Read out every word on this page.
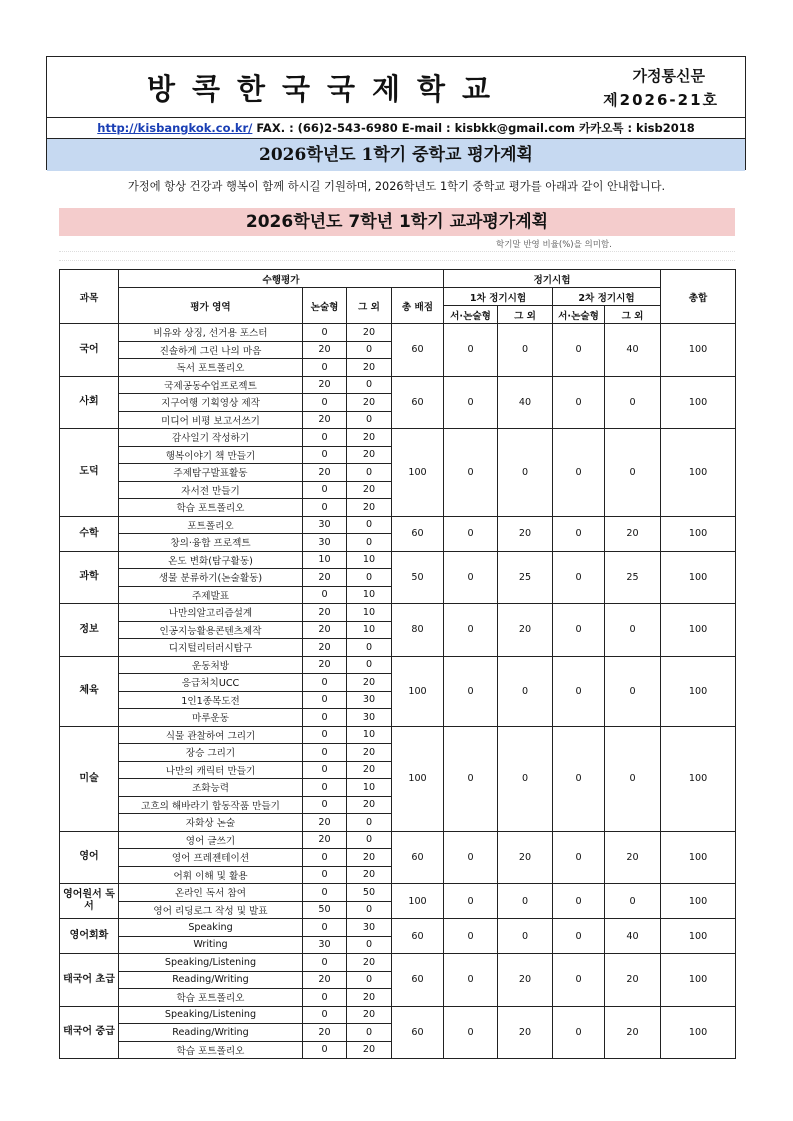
방콕한국국제학교	가정통신문
제2026-21호
http://kisbangkok.co.kr/ FAX. : (66)2-543-6980 E-mail : kisbkk@gmail.com 카카오톡 : kisb2018
2026학년도 1학기 중학교 평가계획
가정에 항상 건강과 행복이 함께 하시길 기원하며, 2026학년도 1학기 중학교 평가를 아래과 같이 안내합니다.
2026학년도 7학년 1학기 교과평가계획
학기말 반영 비율(%)을 의미함.
과목	수행평가				정기시험				총합
	평가 영역	논술형	그 외	총 배점	1차 정기시험		2차 정기시험		
					서·논술형	그 외	서·논술형	그 외	
국어	비유와 상징, 선거용 포스터	0	20	60	0	0	0	40	100
	진솔하게 그린 나의 마음	20	0						
	독서 포트폴리오	0	20						
사회	국제공동수업프로젝트	20	0	60	0	40	0	0	100
	지구여행 기획영상 제작	0	20						
	미디어 비평 보고서쓰기	20	0						
도덕	감사일기 작성하기	0	20	100	0	0	0	0	100
	행복이야기 책 만들기	0	20						
	주제탐구발표활동	20	0						
	자서전 만들기	0	20						
	학습 포트폴리오	0	20						
수학	포트폴리오	30	0	60	0	20	0	20	100
	창의·융합 프로젝트	30	0						
과학	온도 변화(탐구활동)	10	10	50	0	25	0	25	100
	생물 분류하기(논술활동)	20	0						
	주제발표	0	10						
정보	나만의알고리즘설계	20	10	80	0	20	0	0	100
	인공지능활용콘텐츠제작	20	10						
	디지털리터러시탐구	20	0						
체육	운동처방	20	0	100	0	0	0	0	100
	응급처치UCC	0	20						
	1인1종목도전	0	30						
	마루운동	0	30						
미술	식물 관찰하여 그리기	0	10	100	0	0	0	0	100
	장승 그리기	0	20						
	나만의 캐릭터 만들기	0	20						
	조화능력	0	10						
	고흐의 해바라기 합동작품 만들기	0	20						
	자화상 논술	20	0						
영어	영어 글쓰기	20	0	60	0	20	0	20	100
	영어 프레젠테이션	0	20						
	어휘 이해 및 활용	0	20						
영어원서 독서	온라인 독서 참여	0	50	100	0	0	0	0	100
	영어 리딩로그 작성 및 발표	50	0						
영어회화	Speaking	0	30	60	0	0	0	40	100
	Writing	30	0						
태국어 초급	Speaking/Listening	0	20	60	0	20	0	20	100
	Reading/Writing	20	0						
	학습 포트폴리오	0	20						
태국어 중급	Speaking/Listening	0	20	60	0	20	0	20	100
	Reading/Writing	20	0						
	학습 포트폴리오	0	20						
